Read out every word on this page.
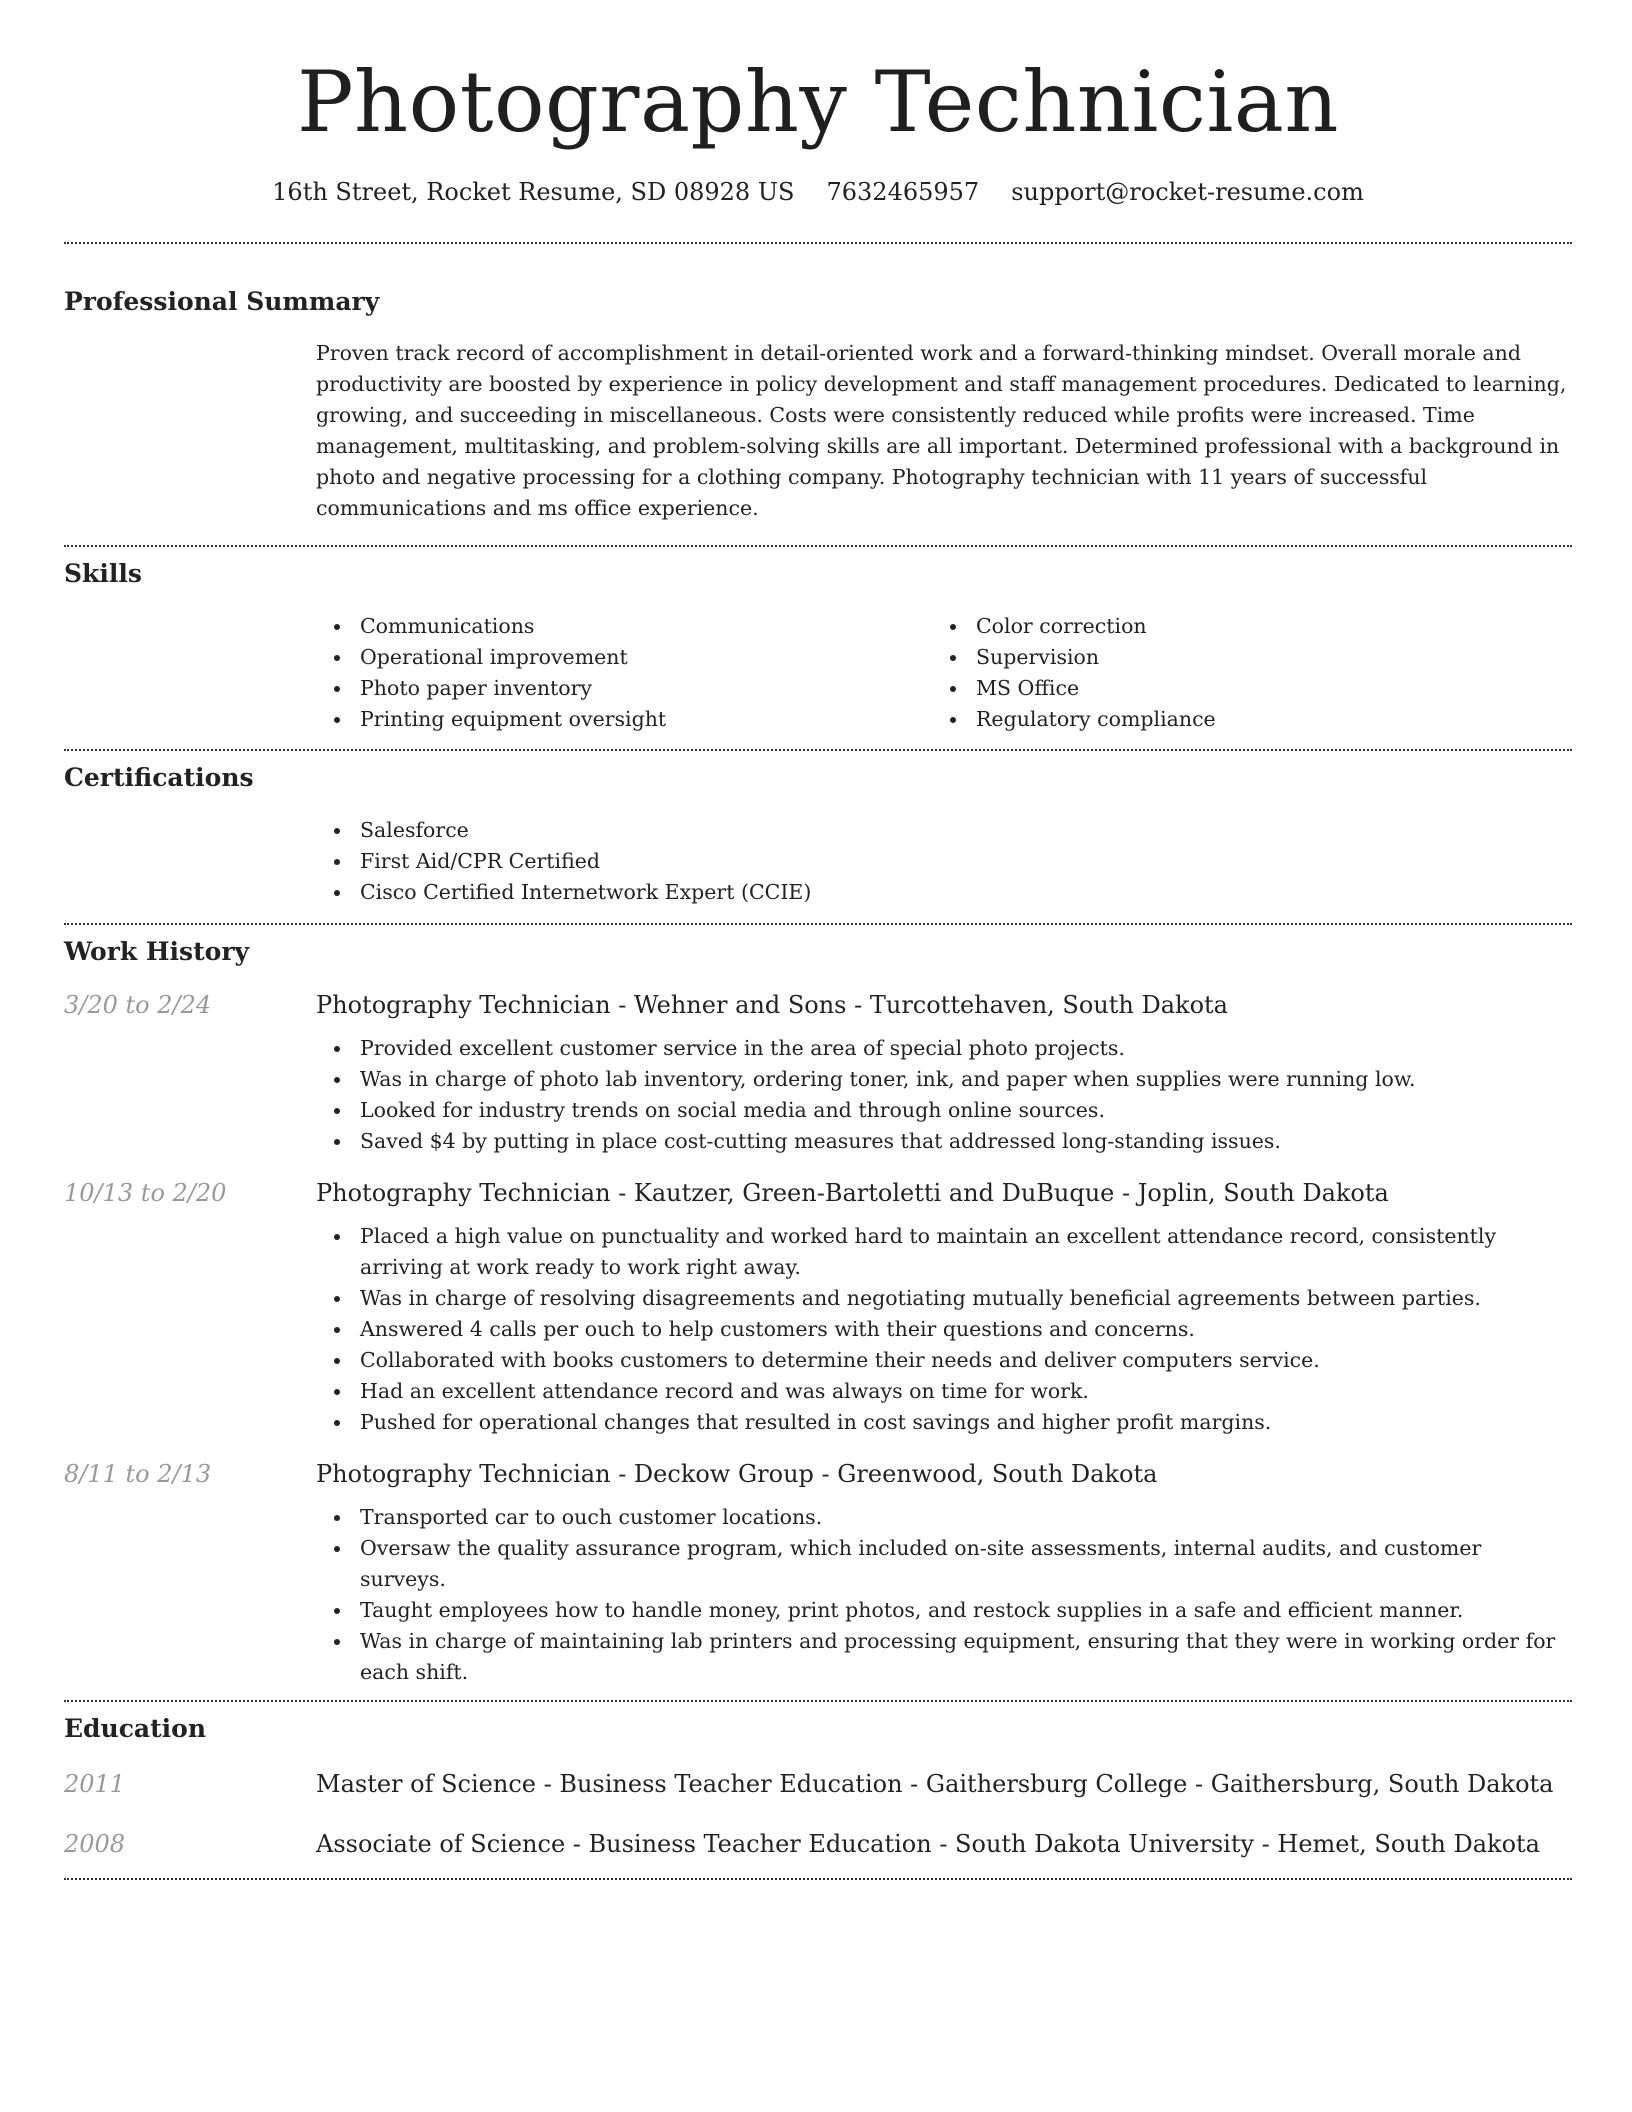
Photography Technician
16th Street, Rocket Resume, SD 08928 US 7632465957 support@rocket-resume.com
Professional Summary

Proven track record of accomplishment in detail-oriented work and a forward-thinking mindset. Overall morale and productivity are boosted by experience in policy development and staff management procedures. Dedicated to learning, growing, and succeeding in miscellaneous. Costs were consistently reduced while profits were increased. Time management, multitasking, and problem-solving skills are all important. Determined professional with a background in photo and negative processing for a clothing company. Photography technician with 11 years of successful communications and ms office experience.

Skills
Communications
Operational improvement
Photo paper inventory
Printing equipment oversight
Color correction
Supervision
MS Office
Regulatory compliance
Certifications
Salesforce
First Aid/CPR Certified
Cisco Certified Internetwork Expert (CCIE)
Work History
3/20 to 2/24	Photography Technician - Wehner and Sons - Turcottehaven, South Dakota
Provided excellent customer service in the area of special photo projects.
Was in charge of photo lab inventory, ordering toner, ink, and paper when supplies were running low.
Looked for industry trends on social media and through online sources.
Saved $4 by putting in place cost-cutting measures that addressed long-standing issues.
10/13 to 2/20	Photography Technician - Kautzer, Green-Bartoletti and DuBuque - Joplin, South Dakota
Placed a high value on punctuality and worked hard to maintain an excellent attendance record, consistently arriving at work ready to work right away.
Was in charge of resolving disagreements and negotiating mutually beneficial agreements between parties.
Answered 4 calls per ouch to help customers with their questions and concerns.
Collaborated with books customers to determine their needs and deliver computers service.
Had an excellent attendance record and was always on time for work.
Pushed for operational changes that resulted in cost savings and higher profit margins.
8/11 to 2/13	Photography Technician - Deckow Group - Greenwood, South Dakota
Transported car to ouch customer locations.
Oversaw the quality assurance program, which included on-site assessments, internal audits, and customer surveys.
Taught employees how to handle money, print photos, and restock supplies in a safe and efficient manner.
Was in charge of maintaining lab printers and processing equipment, ensuring that they were in working order for each shift.
Education
2011	Master of Science - Business Teacher Education - Gaithersburg College - Gaithersburg, South Dakota
2008	Associate of Science - Business Teacher Education - South Dakota University - Hemet, South Dakota
